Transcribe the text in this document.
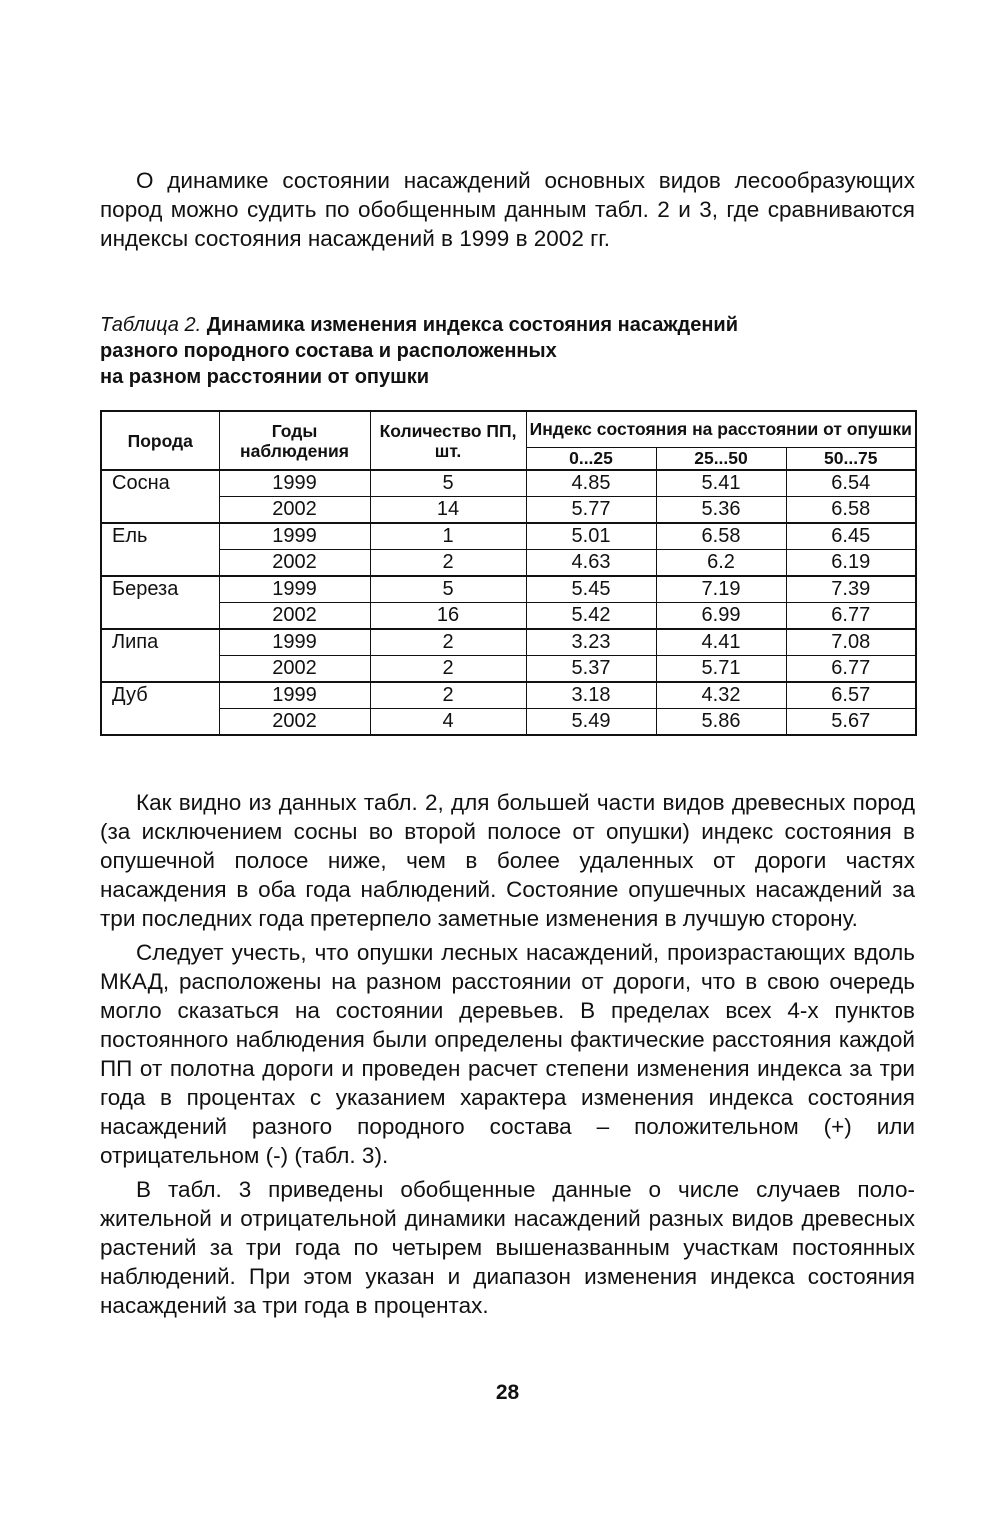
О динамике состоянии насаждений основных видов лесообразующих пород можно судить по обобщенным данным табл. 2 и 3, где сравниваются индексы состояния насаждений в 1999 в 2002 гг.

Таблица 2. Динамика изменения индекса состояния насаждений
разного породного состава и расположенных
на разном расстоянии от опушки
Порода	Годы наблюдения	Количество ПП, шт.	Индекс состояния на расстоянии от опушки		
			0...25	25...50	50...75
Сосна	1999	5	4.85	5.41	6.54
	2002	14	5.77	5.36	6.58
Ель	1999	1	5.01	6.58	6.45
	2002	2	4.63	6.2	6.19
Береза	1999	5	5.45	7.19	7.39
	2002	16	5.42	6.99	6.77
Липа	1999	2	3.23	4.41	7.08
	2002	2	5.37	5.71	6.77
Дуб	1999	2	3.18	4.32	6.57
	2002	4	5.49	5.86	5.67

Как видно из данных табл. 2, для большей части видов древесных пород (за исключением сосны во второй полосе от опушки) индекс состояния в опушечной полосе ниже, чем в более удаленных от дороги частях насаждения в оба года наблюдений. Состояние опушечных насаждений за три последних года претерпело заметные изменения в лучшую сторону.

Следует учесть, что опушки лесных насаждений, произрастающих вдоль МКАД, расположены на разном расстоянии от дороги, что в свою очередь могло сказаться на состоянии деревьев. В пределах всех 4-х пунктов постоянного наблюдения были определены фактические расстояния каждой ПП от полотна дороги и проведен расчет степени изменения индекса за три года в процентах с указанием характера изменения индекса состояния насаждений разного породного состава – положительном (+) или отрицательном (-) (табл. 3).

В табл. 3 приведены обобщенные данные о числе случаев положительной и отрицательной динамики насаждений разных видов древесных растений за три года по четырем вышеназванным участкам постоянных наблюдений. При этом указан и диапазон изменения индекса состояния насаждений за три года в процентах.

28
